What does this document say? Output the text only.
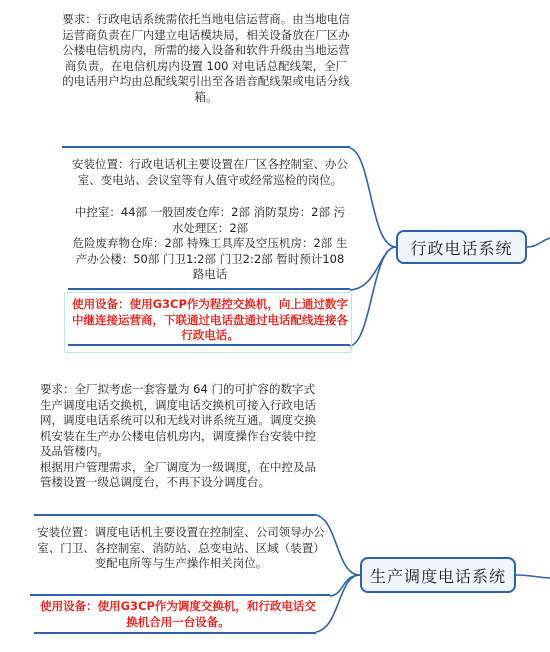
要求：行政电话系统需依托当地电信运营商。由当地电信运营商负责在厂内建立电话模块局，相关设备放在厂区办公楼电信机房内，所需的接入设备和软件升级由当地运营商负责。在电信机房内设置 100 对电话总配线架，全厂的电话用户均由总配线架引出至各语音配线架或电话分线箱。
安装位置：行政电话机主要设置在厂区各控制室、办公室、变电站、会议室等有人值守或经常巡检的岗位。
中控室：44部 一般固废仓库：2部 消防泵房：2部 污水处理区：2部
危险废弃物仓库：2部 特殊工具库及空压机房：2部 生产办公楼：50部 门卫1:2部 门卫2:2部 暂时预计108路电话
使用设备：使用G3CP作为程控交换机，向上通过数字中继连接运营商，下联通过电话盘通过电话配线连接各行政电话。
行政电话系统
要求：全厂拟考虑一套容量为 64 门的可扩容的数字式生产调度电话交换机，调度电话交换机可接入行政电话网，调度电话系统可以和无线对讲系统互通。调度交换机安装在生产办公楼电信机房内，调度操作台安装中控及品管楼内。
根据用户管理需求，全厂调度为一级调度，在中控及品管楼设置一级总调度台，不再下设分调度台。
安装位置：调度电话机主要设置在控制室、公司领导办公室、门卫、各控制室、消防站、总变电站、区域（装置）变配电所等与生产操作相关岗位。
使用设备：使用G3CP作为调度交换机，和行政电话交换机合用一台设备。
生产调度电话系统
